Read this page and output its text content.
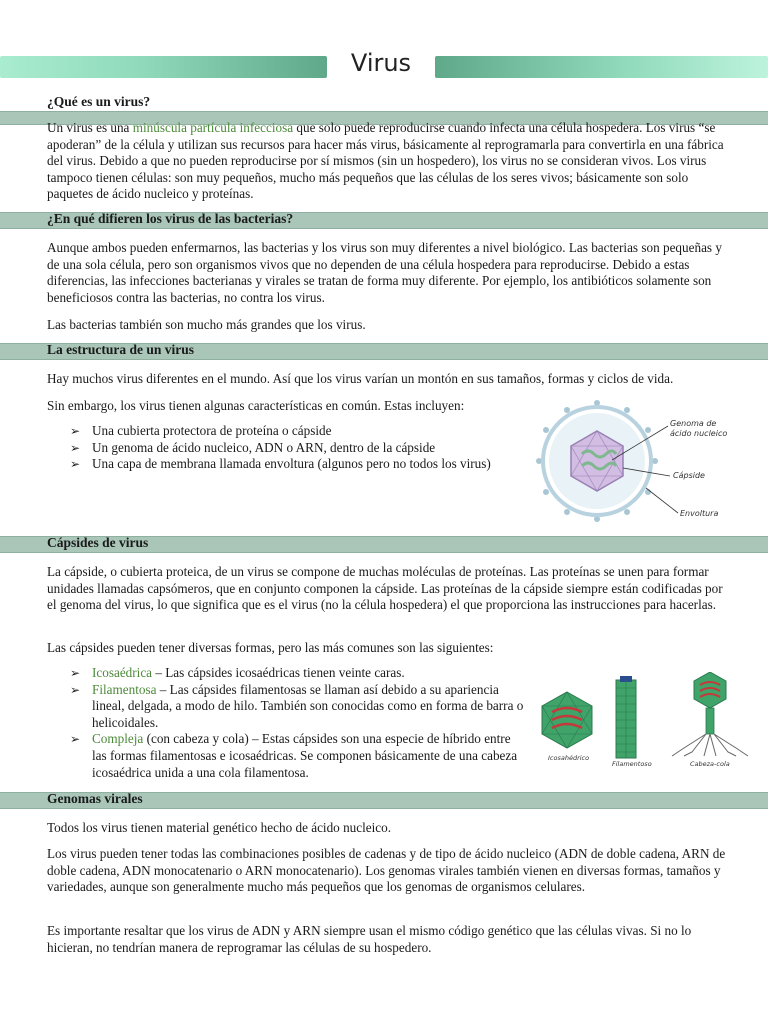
Virus
¿Qué es un virus?
Un virus es una minúscula partícula infecciosa que solo puede reproducirse cuando infecta una célula hospedera. Los virus “se apoderan” de la célula y utilizan sus recursos para hacer más virus, básicamente al reprogramarla para convertirla en una fábrica del virus. Debido a que no pueden reproducirse por sí mismos (sin un hospedero), los virus no se consideran vivos. Los virus tampoco tienen células: son muy pequeños, mucho más pequeños que las células de los seres vivos; básicamente son solo paquetes de ácido nucleico y proteínas.
¿En qué difieren los virus de las bacterias?
Aunque ambos pueden enfermarnos, las bacterias y los virus son muy diferentes a nivel biológico. Las bacterias son pequeñas y de una sola célula, pero son organismos vivos que no dependen de una célula hospedera para reproducirse. Debido a estas diferencias, las infecciones bacterianas y virales se tratan de forma muy diferente. Por ejemplo, los antibióticos solamente son beneficiosos contra las bacterias, no contra los virus.
Las bacterias también son mucho más grandes que los virus.
La estructura de un virus
Hay muchos virus diferentes en el mundo. Así que los virus varían un montón en sus tamaños, formas y ciclos de vida.
Sin embargo, los virus tienen algunas características en común. Estas incluyen:
➢ Una cubierta protectora de proteína o cápside
➢ Un genoma de ácido nucleico, ADN o ARN, dentro de la cápside
➢ Una capa de membrana llamada envoltura (algunos pero no todos los virus)
Genoma de
ácido nucleico
Cápside
Envoltura
Cápsides de virus
La cápside, o cubierta proteica, de un virus se compone de muchas moléculas de proteínas. Las proteínas se unen para formar unidades llamadas capsómeros, que en conjunto componen la cápside. Las proteínas de la cápside siempre están codificadas por el genoma del virus, lo que significa que es el virus (no la célula hospedera) el que proporciona las instrucciones para hacerlas.
Las cápsides pueden tener diversas formas, pero las más comunes son las siguientes:
➢ Icosaédrica – Las cápsides icosaédricas tienen veinte caras.
➢ Filamentosa – Las cápsides filamentosas se llaman así debido a su apariencia lineal, delgada, a modo de hilo. También son conocidas como en forma de barra o helicoidales.
➢ Compleja (con cabeza y cola) – Estas cápsides son una especie de híbrido entre las formas filamentosas e icosaédricas. Se componen básicamente de una cabeza icosaédrica unida a una cola filamentosa.
Icosahédrico
Filamentoso	Cabeza-cola
Genomas virales
Todos los virus tienen material genético hecho de ácido nucleico.
Los virus pueden tener todas las combinaciones posibles de cadenas y de tipo de ácido nucleico (ADN de doble cadena, ARN de doble cadena, ADN monocatenario o ARN monocatenario). Los genomas virales también vienen en diversas formas, tamaños y variedades, aunque son generalmente mucho más pequeños que los genomas de organismos celulares.
Es importante resaltar que los virus de ADN y ARN siempre usan el mismo código genético que las células vivas. Si no lo hicieran, no tendrían manera de reprogramar las células de su hospedero.
